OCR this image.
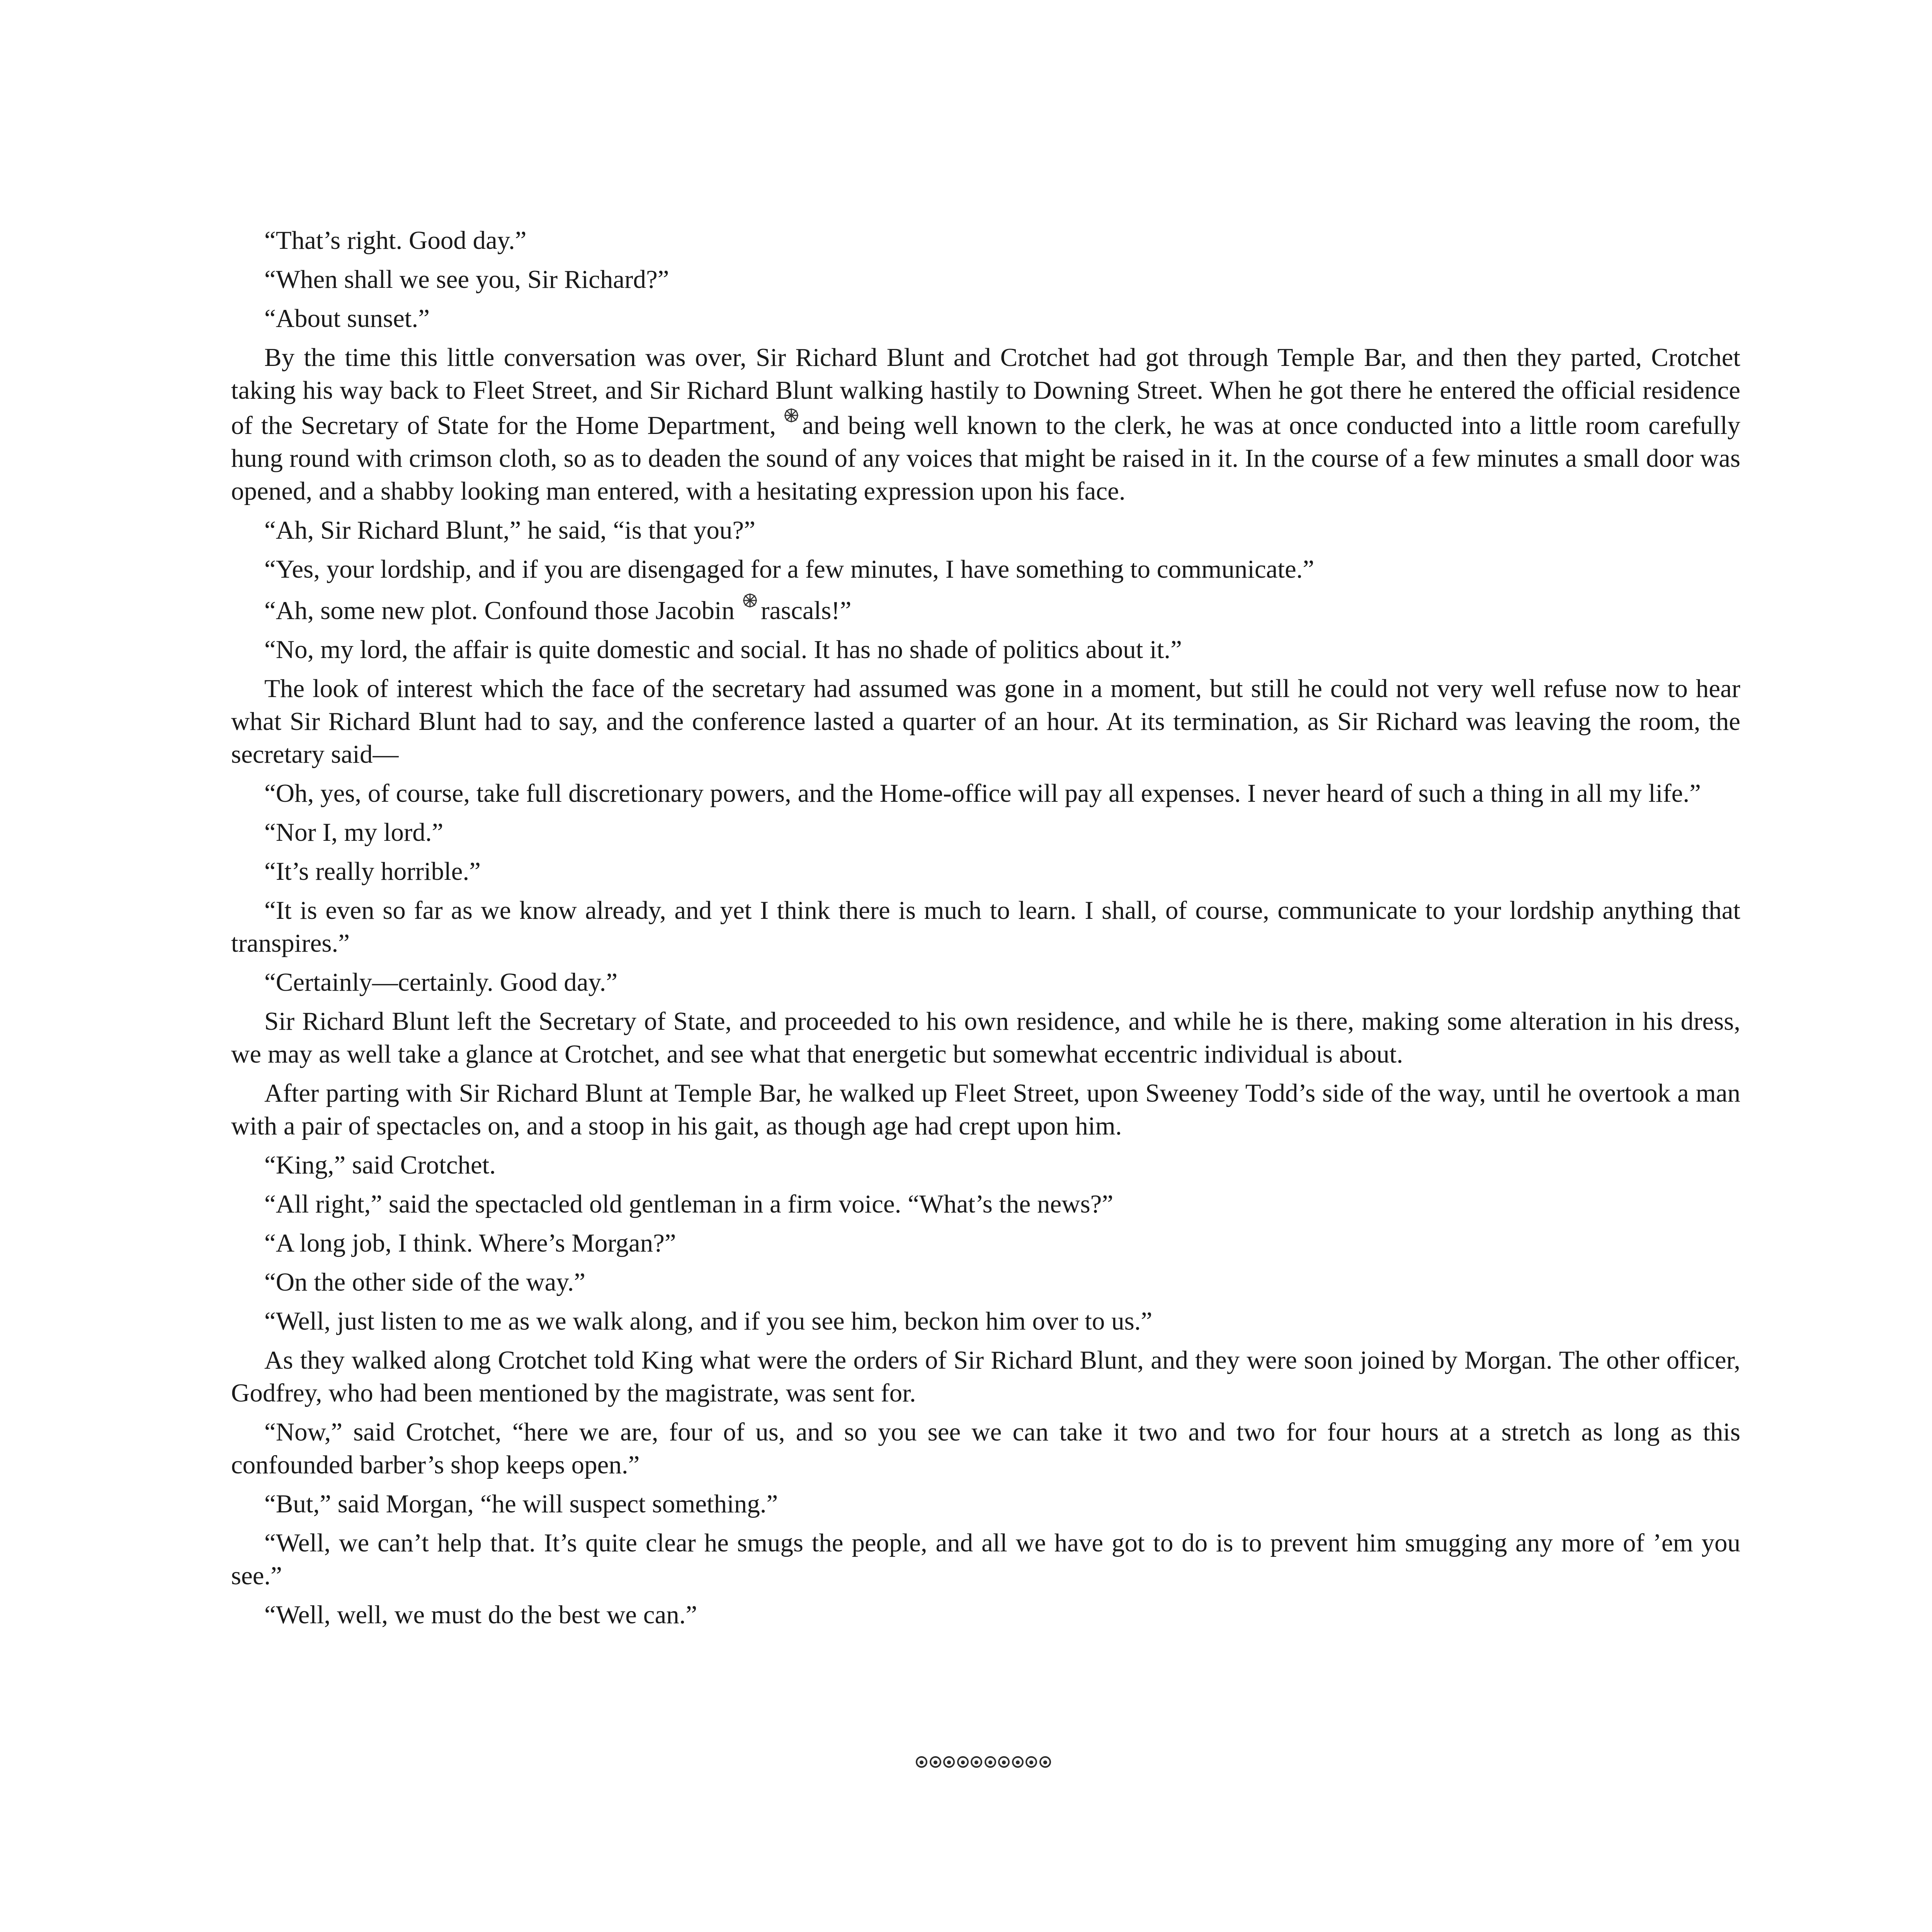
“That’s right. Good day.”

“When shall we see you, Sir Richard?”

“About sunset.”

By the time this little conversation was over, Sir Richard Blunt and Crotchet had got through Temple Bar, and then they parted, Crotchet taking his way back to Fleet Street, and Sir Richard Blunt walking hastily to Downing Street. When he got there he entered the official residence of the Secretary of State for the Home Department, and being well known to the clerk, he was at once conducted into a little room carefully hung round with crimson cloth, so as to deaden the sound of any voices that might be raised in it. In the course of a few minutes a small door was opened, and a shabby looking man entered, with a hesitating expression upon his face.

“Ah, Sir Richard Blunt,” he said, “is that you?”

“Yes, your lordship, and if you are disengaged for a few minutes, I have something to communicate.”

“Ah, some new plot. Confound those Jacobin rascals!”

“No, my lord, the affair is quite domestic and social. It has no shade of politics about it.”

The look of interest which the face of the secretary had assumed was gone in a moment, but still he could not very well refuse now to hear what Sir Richard Blunt had to say, and the conference lasted a quarter of an hour. At its termination, as Sir Richard was leaving the room, the secretary said—

“Oh, yes, of course, take full discretionary powers, and the Home-office will pay all expenses. I never heard of such a thing in all my life.”

“Nor I, my lord.”

“It’s really horrible.”

“It is even so far as we know already, and yet I think there is much to learn. I shall, of course, communicate to your lordship anything that transpires.”

“Certainly—certainly. Good day.”

Sir Richard Blunt left the Secretary of State, and proceeded to his own residence, and while he is there, making some alteration in his dress, we may as well take a glance at Crotchet, and see what that energetic but somewhat eccentric individual is about.

After parting with Sir Richard Blunt at Temple Bar, he walked up Fleet Street, upon Sweeney Todd’s side of the way, until he overtook a man with a pair of spectacles on, and a stoop in his gait, as though age had crept upon him.

“King,” said Crotchet.

“All right,” said the spectacled old gentleman in a firm voice. “What’s the news?”

“A long job, I think. Where’s Morgan?”

“On the other side of the way.”

“Well, just listen to me as we walk along, and if you see him, beckon him over to us.”

As they walked along Crotchet told King what were the orders of Sir Richard Blunt, and they were soon joined by Morgan. The other officer, Godfrey, who had been mentioned by the magistrate, was sent for.

“Now,” said Crotchet, “here we are, four of us, and so you see we can take it two and two for four hours at a stretch as long as this confounded barber’s shop keeps open.”

“But,” said Morgan, “he will suspect something.”

“Well, we can’t help that. It’s quite clear he smugs the people, and all we have got to do is to prevent him smugging any more of ’em you see.”

“Well, well, we must do the best we can.”
